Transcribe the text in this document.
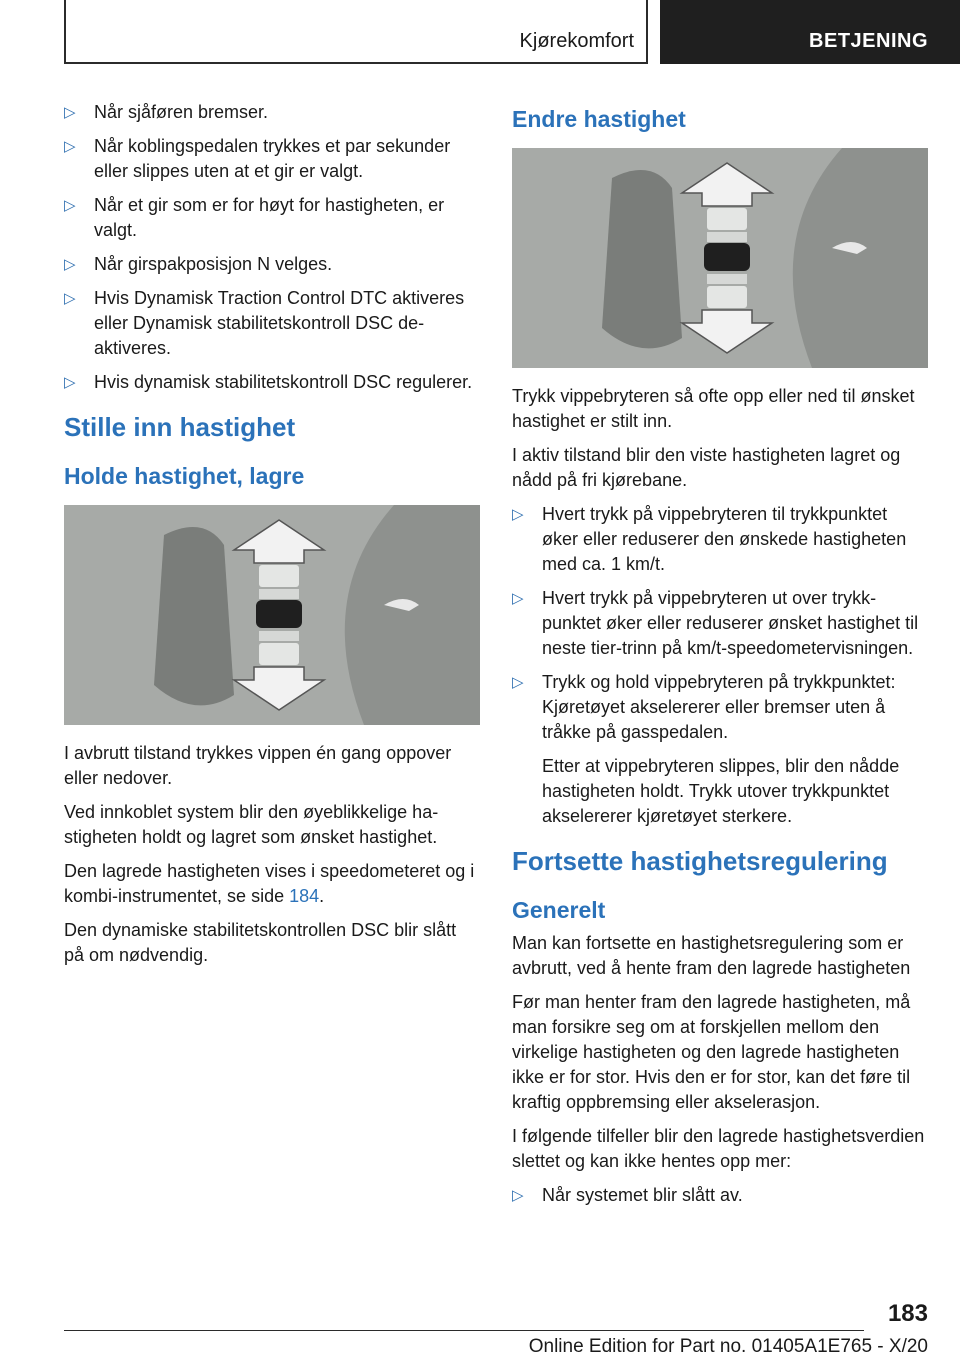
Kjørekomfort	BETJENING
▷ Når sjåføren bremser.
▷ Når koblingspedalen trykkes et par sekunder eller slippes uten at et gir er valgt.
▷ Når et gir som er for høyt for hastigheten, er valgt.
▷ Når girspakposisjon N velges.
▷ Hvis Dynamisk Traction Control DTC aktiveres eller Dynamisk stabilitetskontroll DSC deaktiveres.
▷ Hvis dynamisk stabilitetskontroll DSC regulerer.
Stille inn hastighet
Holde hastighet, lagre

I avbrutt tilstand trykkes vippen én gang oppover eller nedover.

Ved innkoblet system blir den øyeblikkelige hastigheten holdt og lagret som ønsket hastighet.

Den lagrede hastigheten vises i speedometeret og i kombi-instrumentet, se side 184.

Den dynamiske stabilitetskontrollen DSC blir slått på om nødvendig.

Endre hastighet

Trykk vippebryteren så ofte opp eller ned til ønsket hastighet er stilt inn.

I aktiv tilstand blir den viste hastigheten lagret og nådd på fri kjørebane.

▷ Hvert trykk på vippebryteren til trykkpunktet øker eller reduserer den ønskede hastigheten med ca. 1 km/t.
▷ Hvert trykk på vippebryteren ut over trykkpunktet øker eller reduserer ønsket hastighet til neste tier-trinn på km/t-speedometervisningen.
▷ Trykk og hold vippebryteren på trykkpunktet: Kjøretøyet akselererer eller bremser uten å tråkke på gasspedalen.
Etter at vippebryteren slippes, blir den nådde hastigheten holdt. Trykk utover trykkpunktet akselererer kjøretøyet sterkere.
Fortsette hastighetsregulering
Generelt

Man kan fortsette en hastighetsregulering som er avbrutt, ved å hente fram den lagrede hastigheten

Før man henter fram den lagrede hastigheten, må man forsikre seg om at forskjellen mellom den virkelige hastigheten og den lagrede hastigheten ikke er for stor. Hvis den er for stor, kan det føre til kraftig oppbremsing eller akselerasjon.

I følgende tilfeller blir den lagrede hastighetsverdien slettet og kan ikke hentes opp mer:

▷ Når systemet blir slått av.
183
Online Edition for Part no. 01405A1E765 - X/20
